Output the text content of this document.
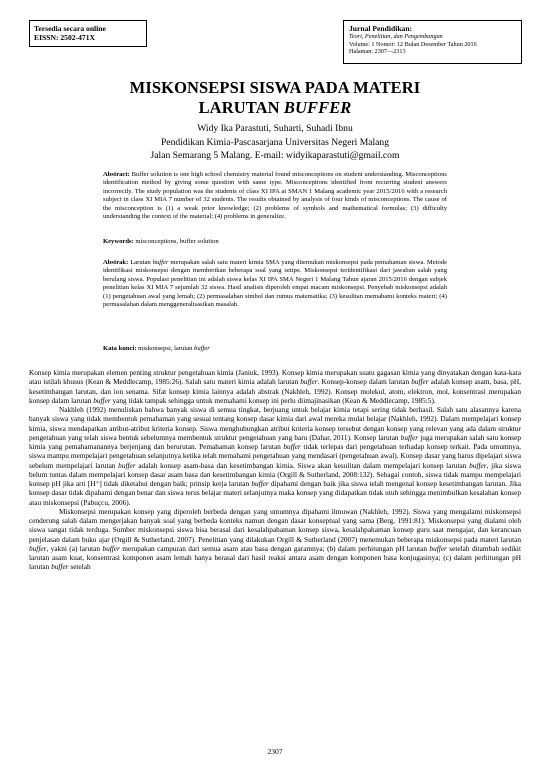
Tersedia secara online
EISSN: 2502-471X
Jurnal Pendidikan:
Teori, Penelitian, dan Pengembangan
Volume: 1 Nomor: 12 Bulan Desember Tahun 2016
Halaman: 2307—2313
MISKONSEPSI SISWA PADA MATERI
LARUTAN BUFFER
Widy Ika Parastuti, Suharti, Suhadi Ibnu
Pendidikan Kimia-Pascasarjana Universitas Negeri Malang
Jalan Semarang 5 Malang. E-mail: widyikaparastuti@gmail.com

Abstract: Buffer solution is one high school chemistry material found misconceptions on student understanding. Misconceptions identification method by giving some question with same type. Misconceptions identified from recurring student answers incorrectly. The study population was the students of class XI IPA at SMAN 1 Malang academic year 2015/2016 with a research subject in class XI MIA 7 number of 32 students. The results obtained by analysis of four kinds of misconceptions. The cause of the misconception is (1) a weak prior knowledge; (2) problems of symbols and mathematical formulas; (3) difficulty understanding the context of the material; (4) problems in generalize.

Keywords: misconceptions, buffer solution

Abstrak: Larutan buffer merupakan salah satu materi kimia SMA yang ditemukan miskonsepsi pada pemahaman siswa. Metode identifikasi miskonsepsi dengan memberikan beberapa soal yang setipe. Miskonsepsi teridentifikasi dari jawaban salah yang berulang siswa. Populasi penelitian ini adalah siswa kelas XI IPA SMA Negeri 1 Malang Tahun ajaran 2015/2016 dengan subjek penelitian kelas XI MIA 7 sejumlah 32 siswa. Hasil analisis diperoleh empat macam miskonsepsi. Penyebab miskonsepsi adalah (1) pengetahuan awal yang lemah; (2) permasalahan simbol dan rumus matematika; (3) kesulitan memahami konteks materi; (4) permasalahan dalam menggeneralisasikan masalah.

Kata kunci: miskonsepsi, larutan buffer

Konsep kimia merupakan elemen penting struktur pengetahuan kimia (Janiuk, 1993). Konsep kimia merupakan suatu gagasan kimia yang dinyatakan dengan kata-kata atau istilah khusus (Kean & Meddlecamp, 1985:26). Salah satu materi kimia adalah larutan buffer. Konsep-konsep dalam larutan buffer adalah konsep asam, basa, pH, kesetimbangan larutan, dan ion senama. Sifat konsep kimia lainnya adalah abstrak (Nakhleh, 1992). Konsep molekul, atom, elektron, mol, konsentrasi merupakan konsep dalam larutan buffer yang tidak tampak sehingga untuk memahami konsep ini perlu diimajinasikan (Kean & Meddlecamp, 1985:5).

Nakhleh (1992) menuliskan bahwa banyak siswa di semua tingkat, berjuang untuk belajar kimia tetapi sering tidak berhasil. Salah satu alasannya karena banyak siswa yang tidak membentuk pemahaman yang sesuai tentang konsep dasar kimia dari awal mereka mulai belajar (Nakhleh, 1992). Dalam mempelajari konsep kimia, siswa mendapatkan atribut-atribut kriteria konsep. Siswa menghubungkan atribut kriteria konsep tersebut dengan konsep yang relevan yang ada dalam struktur pengetahuan yang telah siswa bentuk sebelumnya membentuk struktur pengetahuan yang baru (Dahar, 2011). Konsep larutan buffer juga merupakan salah satu konsep kimia yang pemahamanannya berjenjang dan berurutan. Pemahaman konsep larutan buffer tidak terlepas dari pengetahuan terhadap konsep terkait. Pada umumnya, siswa mampu mempelajari pengetahuan selanjutnya ketika telah memahami pengetahuan yang mendasari (pengetahuan awal). Konsep dasar yang harus dipelajari siswa sebelum mempelajari larutan buffer adalah konsep asam-basa dan kesetimbangan kimia. Siswa akan kesulitan dalam mempelajari konsep larutan buffer, jika siswa belum tuntas dalam mempelajari konsep dasar asam basa dan kesetimbangan kimia (Orgill & Sutherland, 2008:132). Sebagai contoh, siswa tidak mampu mempelajari konsep pH jika arti [H⁺] tidak diketahui dengan baik; prinsip kerja larutan buffer dipahami dengan baik jika siswa telah mengenal konsep kesetimbangan larutan. Jika konsep dasar tidak dipahami dengan benar dan siswa terus belajar materi selanjutnya maka konsep yang didapatkan tidak utuh sehingga menimbulkan kesalahan konsep atau miskonsepsi (Pabuçcu, 2006).

Miskonsepsi merupakan konsep yang diperoleh berbeda dengan yang umumnya dipahami ilmuwan (Nakhleh, 1992). Siswa yang mengalami miskonsepsi cenderung salah dalam mengerjakan banyak soal yang berbeda konteks namun dengan dasar konseptual yang sama (Berg, 1991:81). Miskonsepsi yang dialami oleh siswa sangat tidak terduga. Sumber miskonsepsi siswa bisa berasal dari kesalahpahaman konsep siswa, kesalahpahaman konsep guru saat mengajar, dan kerancuan penjelasan dalam buku ajar (Orgill & Sutherland, 2007). Penelitian yang dilakukan Orgill & Sutherland (2007) menemukan beberapa miskonsepsi pada materi larutan buffer, yakni (a) larutan buffer merupakan campuran dari semua asam atau basa dengan garamnya; (b) dalam perhitungan pH larutan buffer setelah ditambah sedikit larutan asam kuat, konsentrasi komponen asam lemah hanya berasal dari hasil reaksi antara asam dengan komponen basa konjugasinya; (c) dalam perhitungan pH larutan buffer setelah

2307
